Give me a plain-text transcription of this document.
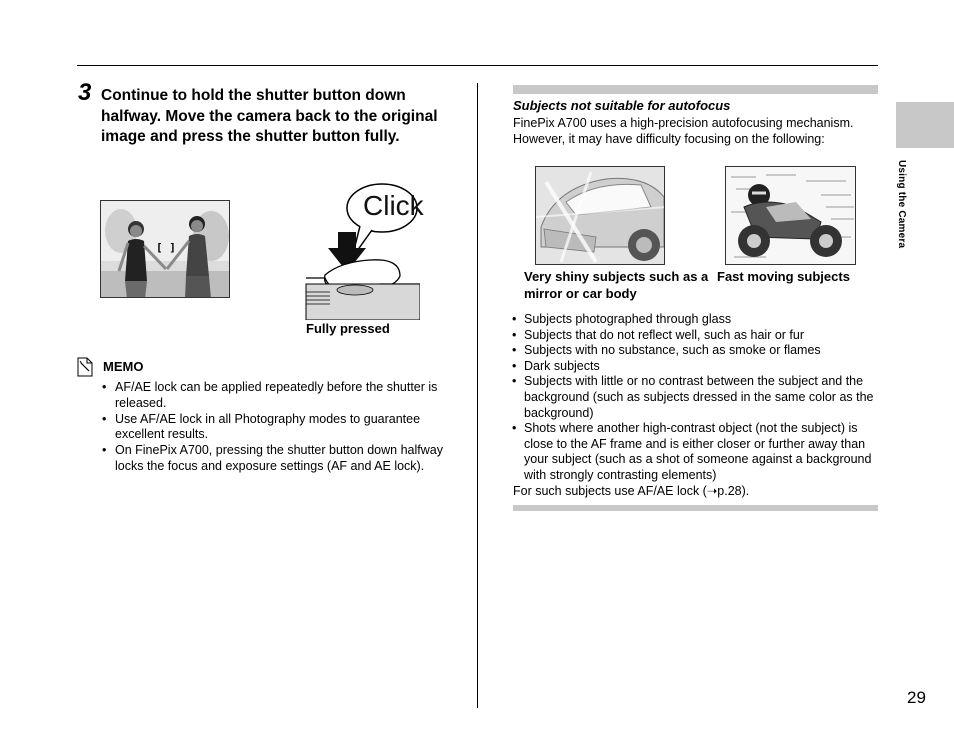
3 Continue to hold the shutter button down halfway. Move the camera back to the original image and press the shutter button fully.
[ ]
Click
Fully pressed
MEMO
• AF/AE lock can be applied repeatedly before the shutter is released.
• Use AF/AE lock in all Photography modes to guarantee excellent results.
• On FinePix A700, pressing the shutter button down halfway locks the focus and exposure settings (AF and AE lock).
Subjects not suitable for autofocus
FinePix A700 uses a high-precision autofocusing mechanism. However, it may have difficulty focusing on the following:
Very shiny subjects such as a mirror or car body
Fast moving subjects
• Subjects photographed through glass
• Subjects that do not reflect well, such as hair or fur
• Subjects with no substance, such as smoke or flames
• Dark subjects
• Subjects with little or no contrast between the subject and the background (such as subjects dressed in the same color as the background)
• Shots where another high-contrast object (not the subject) is close to the AF frame and is either closer or further away than your subject (such as a shot of someone against a background with strongly contrasting elements)
For such subjects use AF/AE lock (➝p.28).
Using the Camera
29
